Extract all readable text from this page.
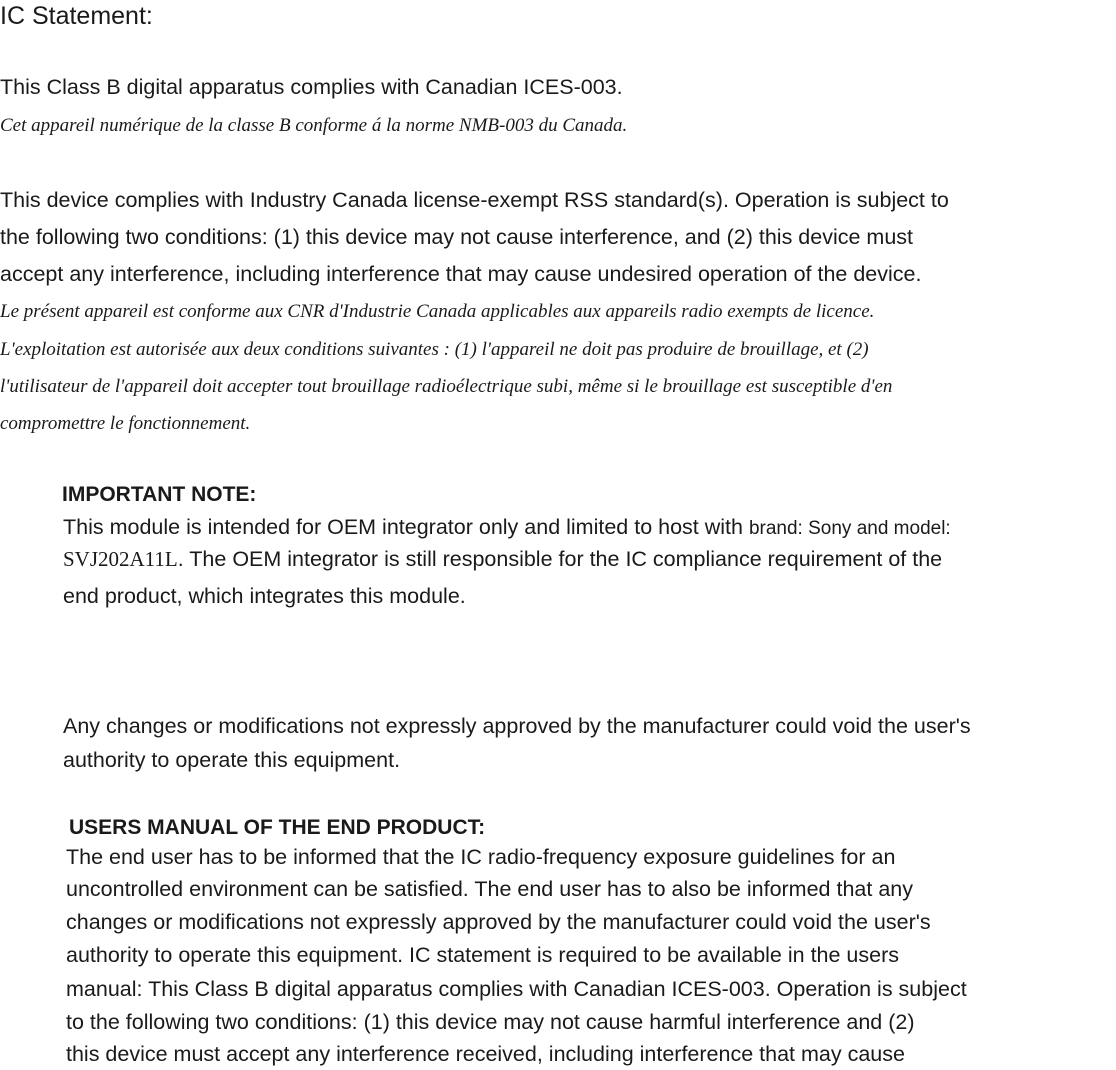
IC Statement:

This Class B digital apparatus complies with Canadian ICES-003.

Cet appareil numérique de la classe B conforme á la norme NMB-003 du Canada.

This device complies with Industry Canada license-exempt RSS standard(s). Operation is subject to

the following two conditions: (1) this device may not cause interference, and (2) this device must

accept any interference, including interference that may cause undesired operation of the device.

Le présent appareil est conforme aux CNR d'Industrie Canada applicables aux appareils radio exempts de licence.

L'exploitation est autorisée aux deux conditions suivantes : (1) l'appareil ne doit pas produire de brouillage, et (2)

l'utilisateur de l'appareil doit accepter tout brouillage radioélectrique subi, même si le brouillage est susceptible d'en

compromettre le fonctionnement.

IMPORTANT NOTE:

This module is intended for OEM integrator only and limited to host with brand: Sony and model:

SVJ202A11L. The OEM integrator is still responsible for the IC compliance requirement of the

end product, which integrates this module.

Any changes or modifications not expressly approved by the manufacturer could void the user's

authority to operate this equipment.

USERS MANUAL OF THE END PRODUCT:

The end user has to be informed that the IC radio-frequency exposure guidelines for an

uncontrolled environment can be satisfied. The end user has to also be informed that any

changes or modifications not expressly approved by the manufacturer could void the user's

authority to operate this equipment. IC statement is required to be available in the users

manual: This Class B digital apparatus complies with Canadian ICES-003. Operation is subject

to the following two conditions: (1) this device may not cause harmful interference and (2)

this device must accept any interference received, including interference that may cause
